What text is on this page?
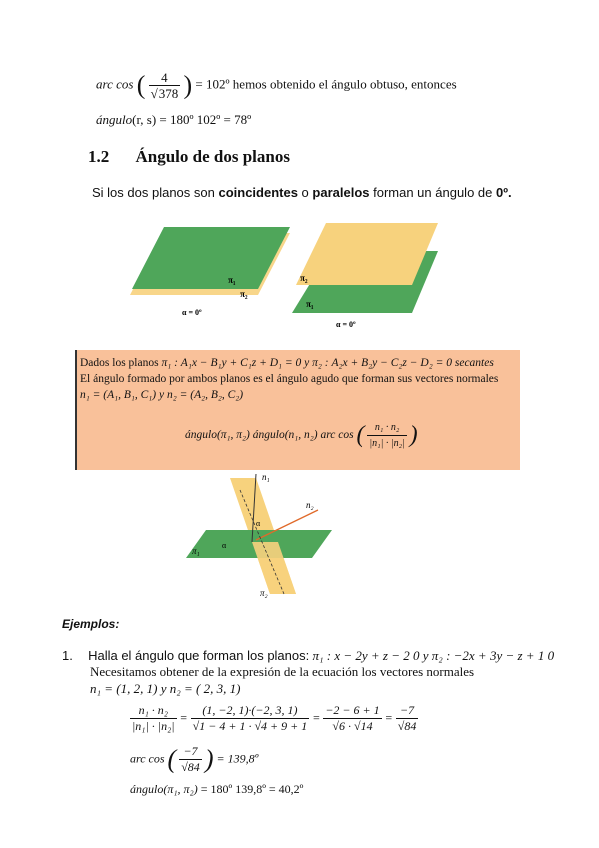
arc cos ( $\frac{4}{√378}$ ) = 102º hemos obtenido el ángulo obtuso, entonces
ángulo(r, s) = 180º 102º = 78º
1.2 Ángulo de dos planos
Si los dos planos son coincidentes o paralelos forman un ángulo de 0º.
π₁
π₂
α = 0º
π₂
π₁
α = 0º
Dados los planos π₁ : A₁x − B₁y + C₁z + D₁ = 0 y π₂ : A₂x + B₂y − C₂z − D₂ = 0 secantes
El ángulo formado por ambos planos es el ángulo agudo que forman sus vectores normales
n₁ = (A₁, B₁, C₁) y n₂ = (A₂, B₂, C₂)
ángulo(π₁, π₂) ángulo(n₁, n₂) arc cos ( $\frac{\text{n₁ · n₂}}{\text{|n₁| · |n₂|}}$ )
n₁
n₂
π₁
π₂
α
α
Ejemplos:
1. Halla el ángulo que forman los planos: π₁ : x − 2y + z − 2 0 y π₂ : −2x + 3y − z + 1 0
Necesitamos obtener de la expresión de la ecuación los vectores normales
n₁ = (1, 2, 1) y n₂ = ( 2, 3, 1)
$\frac{\text{n₁ · n₂}}{\text{|n₁| · |n₂|}} = \frac{(1, -2, 1)\cdot(-2, 3, 1)}{√1 - 4 + 1 \cdot √4 + 9 + 1} = \frac{-2 - 6 + 1}{√6 \cdot √14} = \frac{-7}{√84}$
arc cos ( $\frac{-7}{√84}$ ) = 139,8º
ángulo(π₁, π₂) = 180º 139,8º = 40,2º
